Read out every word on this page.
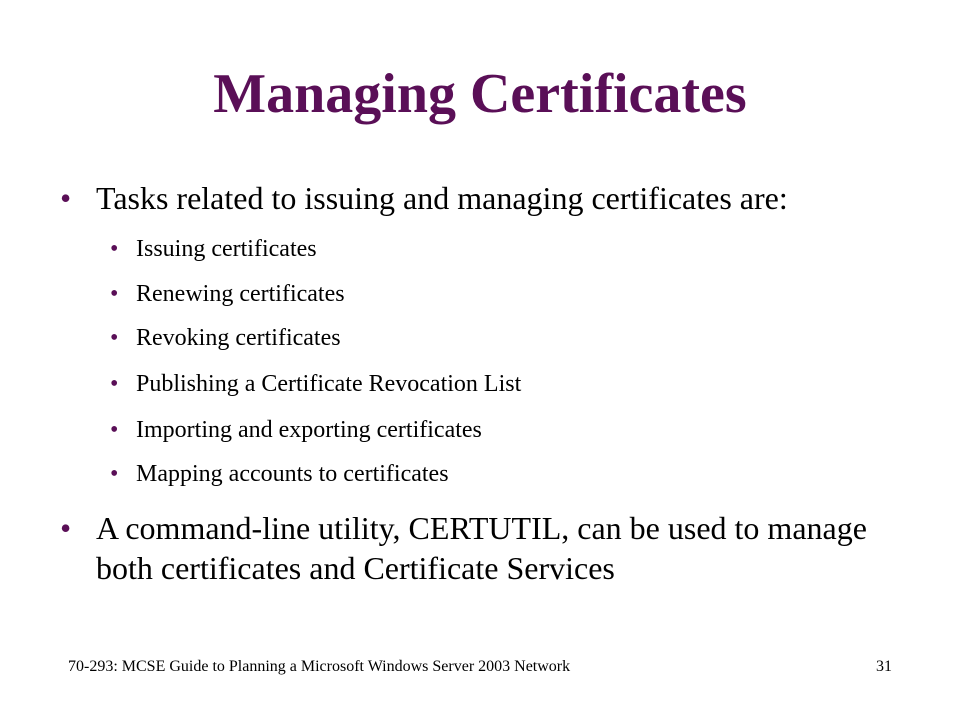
Managing Certificates
• Tasks related to issuing and managing certificates are:
• Issuing certificates
• Renewing certificates
• Revoking certificates
• Publishing a Certificate Revocation List
• Importing and exporting certificates
• Mapping accounts to certificates
• A command-line utility, CERTUTIL, can be used to manage both certificates and Certificate Services
70-293: MCSE Guide to Planning a Microsoft Windows Server 2003 Network	31
